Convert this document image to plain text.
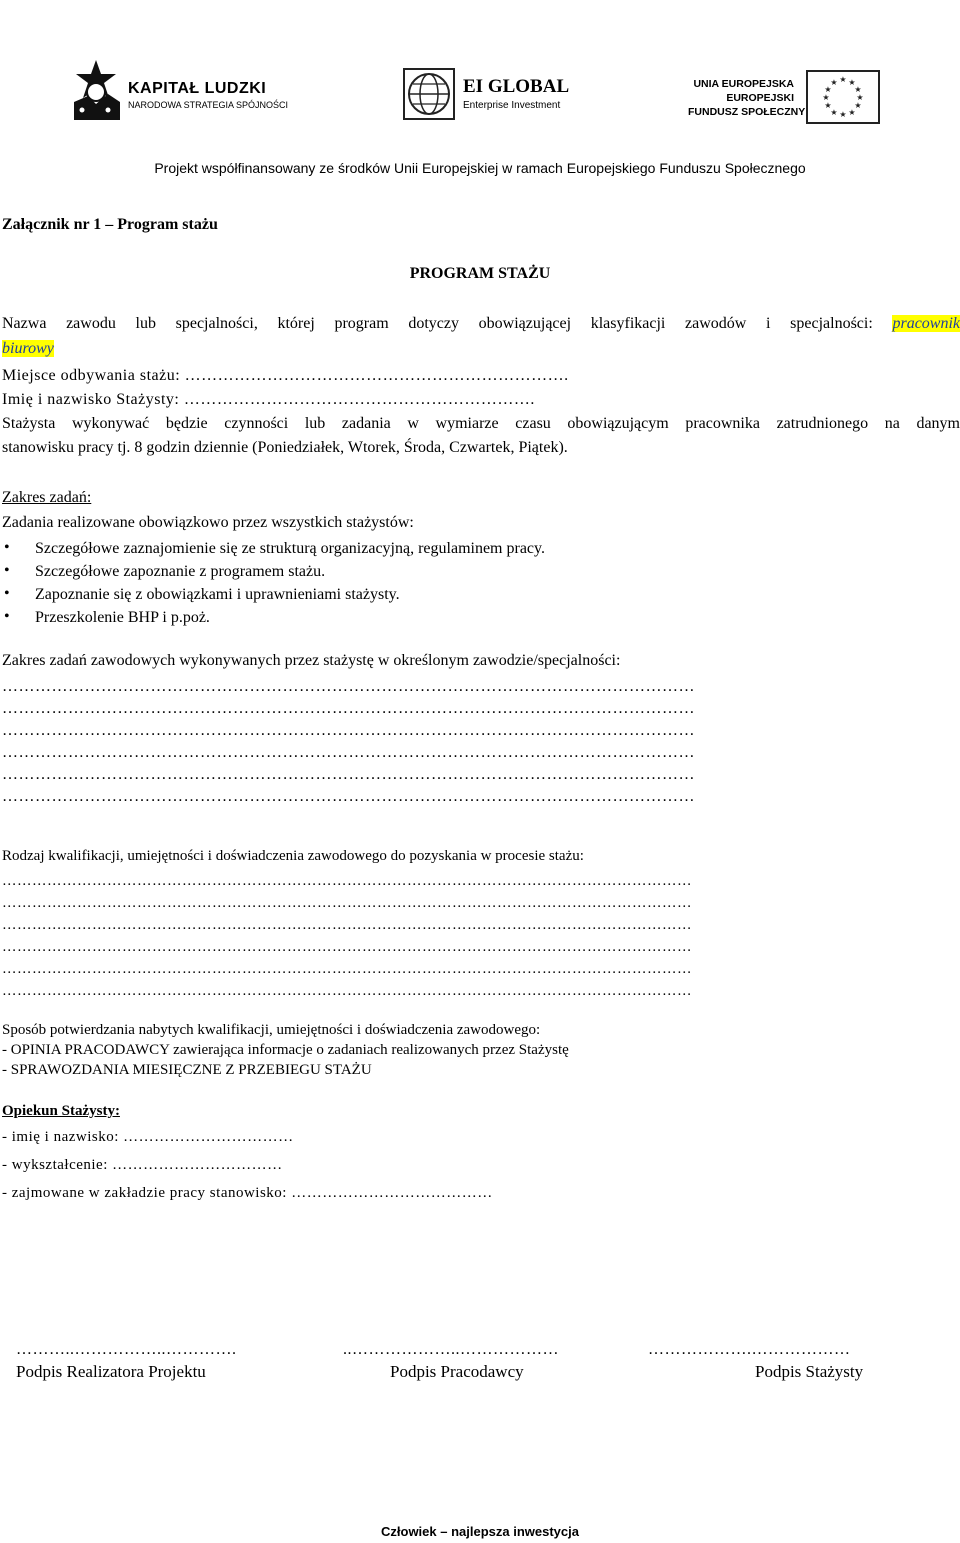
KAPITAŁ LUDZKI
NARODOWA STRATEGIA SPÓJNOŚCI
EI GLOBAL
Enterprise Investment
UNIA EUROPEJSKA
EUROPEJSKI
FUNDUSZ SPOŁECZNY
★ ★
★
★
★
★
★
★
★
★
★
★
Projekt współfinansowany ze środków Unii Europejskiej w ramach Europejskiego Funduszu Społecznego
Załącznik nr 1 – Program stażu
PROGRAM STAŻU
Nazwa zawodu lub specjalności, której program dotyczy obowiązującej klasyfikacji zawodów i specjalności: pracownik
biurowy
Miejsce odbywania stażu: …………………………………………………………….
Imię i nazwisko Stażysty: ……………………………………………………….
Stażysta wykonywać będzie czynności lub zadania w wymiarze czasu obowiązującym pracownika zatrudnionego na danym
stanowisku pracy tj. 8 godzin dziennie (Poniedziałek, Wtorek, Środa, Czwartek, Piątek).
Zakres zadań:
Zadania realizowane obowiązkowo przez wszystkich stażystów:
• Szczegółowe zaznajomienie się ze strukturą organizacyjną, regulaminem pracy.
• Szczegółowe zapoznanie z programem stażu.
• Zapoznanie się z obowiązkami i uprawnieniami stażysty.
• Przeszkolenie BHP i p.poż.
Zakres zadań zawodowych wykonywanych przez stażystę w określonym zawodzie/specjalności:
………………………………………………………………………………………………………………
………………………………………………………………………………………………………………
………………………………………………………………………………………………………………
………………………………………………………………………………………………………………
………………………………………………………………………………………………………………
………………………………………………………………………………………………………………
Rodzaj kwalifikacji, umiejętności i doświadczenia zawodowego do pozyskania w procesie stażu:
…………………………………………………………………………………………………………………………
…………………………………………………………………………………………………………………………
…………………………………………………………………………………………………………………………
…………………………………………………………………………………………………………………………
…………………………………………………………………………………………………………………………
…………………………………………………………………………………………………………………………
Sposób potwierdzania nabytych kwalifikacji, umiejętności i doświadczenia zawodowego:
- OPINIA PRACODAWCY zawierająca informacje o zadaniach realizowanych przez Stażystę
- SPRAWOZDANIA MIESIĘCZNE Z PRZEBIEGU STAŻU
Opiekun Stażysty:
- imię i nazwisko: ……………………………
- wykształcenie: ……………………………
- zajmowane w zakładzie pracy stanowisko: …………………………………
………..……………..………….	..………………..………………	……………….………………
Podpis Realizatora Projektu	Podpis Pracodawcy	Podpis Stażysty
Człowiek – najlepsza inwestycja
